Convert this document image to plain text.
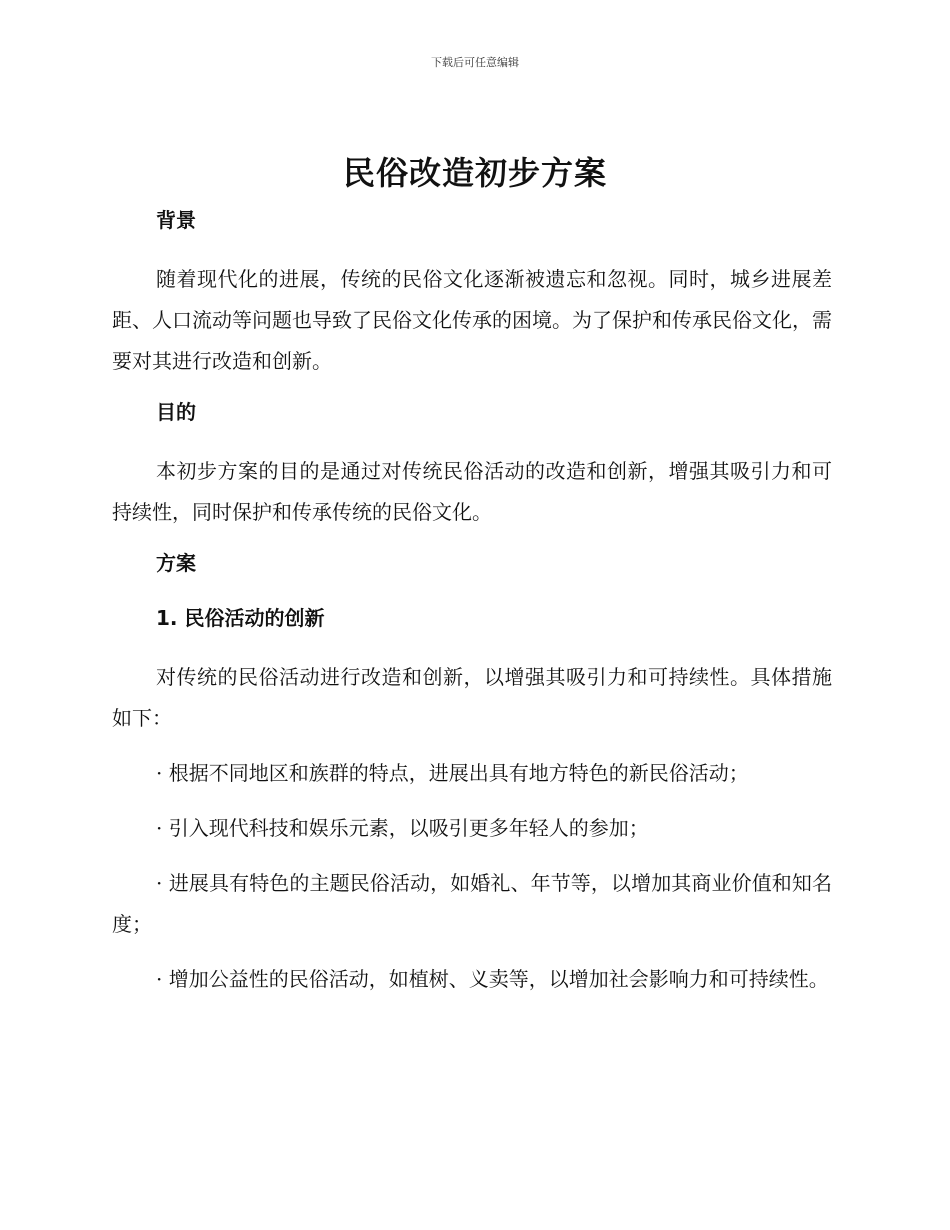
下载后可任意编辑
民俗改造初步方案

背景

随着现代化的进展，传统的民俗文化逐渐被遗忘和忽视。同时，城乡进展差距、人口流动等问题也导致了民俗文化传承的困境。为了保护和传承民俗文化，需要对其进行改造和创新。

目的

本初步方案的目的是通过对传统民俗活动的改造和创新，增强其吸引力和可持续性，同时保护和传承传统的民俗文化。

方案

1. 民俗活动的创新

对传统的民俗活动进行改造和创新，以增强其吸引力和可持续性。具体措施如下：

· 根据不同地区和族群的特点，进展出具有地方特色的新民俗活动；

· 引入现代科技和娱乐元素，以吸引更多年轻人的参加；

· 进展具有特色的主题民俗活动，如婚礼、年节等，以增加其商业价值和知名度；

· 增加公益性的民俗活动，如植树、义卖等，以增加社会影响力和可持续性。
